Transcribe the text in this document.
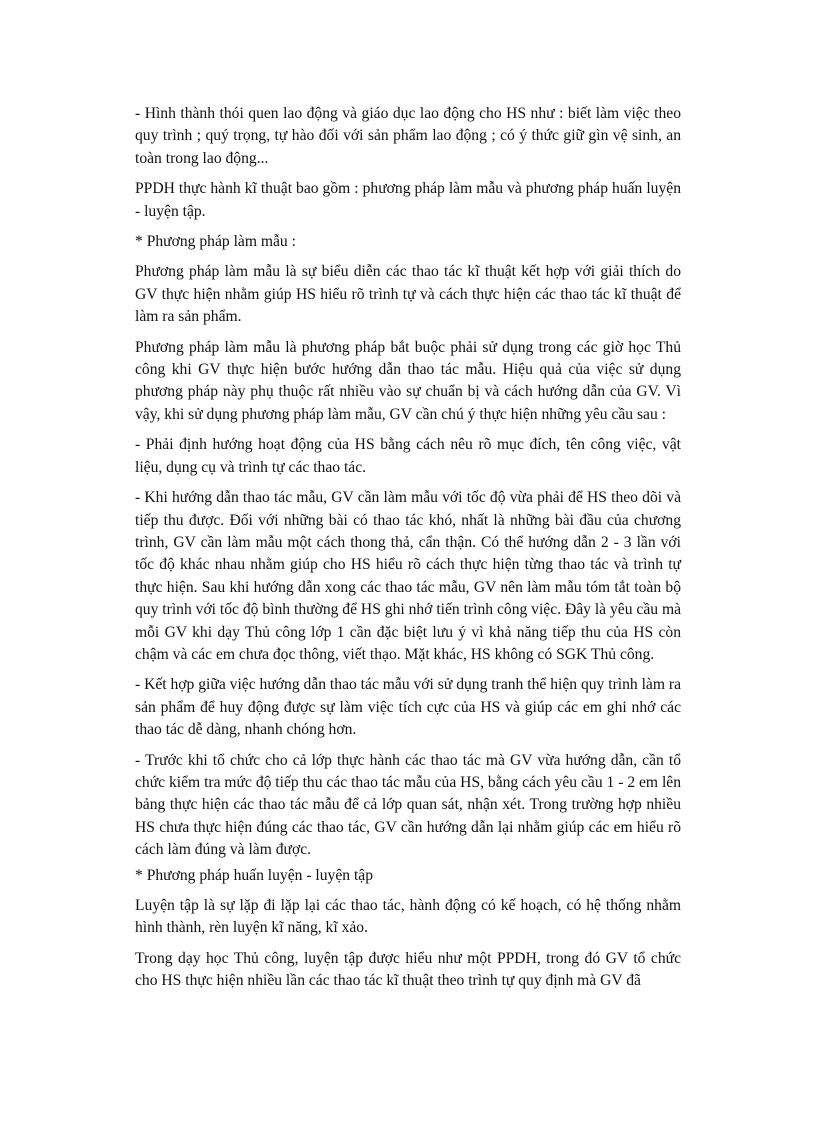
- Hình thành thói quen lao động và giáo dục lao động cho HS như : biết làm việc theo quy trình ; quý trọng, tự hào đối với sản phẩm lao động ; có ý thức giữ gìn vệ sinh, an toàn trong lao động...

PPDH thực hành kĩ thuật bao gồm : phương pháp làm mẫu và phương pháp huấn luyện - luyện tập.

* Phương pháp làm mẫu :

Phương pháp làm mẫu là sự biểu diễn các thao tác kĩ thuật kết hợp với giải thích do GV thực hiện nhằm giúp HS hiểu rõ trình tự và cách thực hiện các thao tác kĩ thuật để làm ra sản phẩm.

Phương pháp làm mẫu là phương pháp bắt buộc phải sử dụng trong các giờ học Thủ công khi GV thực hiện bước hướng dẫn thao tác mẫu. Hiệu quả của việc sử dụng phương pháp này phụ thuộc rất nhiều vào sự chuẩn bị và cách hướng dẫn của GV. Vì vậy, khi sử dụng phương pháp làm mẫu, GV cần chú ý thực hiện những yêu cầu sau :

- Phải định hướng hoạt động của HS bằng cách nêu rõ mục đích, tên công việc, vật liệu, dụng cụ và trình tự các thao tác.

- Khi hướng dẫn thao tác mẫu, GV cần làm mẫu với tốc độ vừa phải để HS theo dõi và tiếp thu được. Đối với những bài có thao tác khó, nhất là những bài đầu của chương trình, GV cần làm mẫu một cách thong thả, cẩn thận. Có thể hướng dẫn 2 - 3 lần với tốc độ khác nhau nhằm giúp cho HS hiểu rõ cách thực hiện từng thao tác và trình tự thực hiện. Sau khi hướng dẫn xong các thao tác mẫu, GV nên làm mẫu tóm tắt toàn bộ quy trình với tốc độ bình thường để HS ghi nhớ tiến trình công việc. Đây là yêu cầu mà mỗi GV khi dạy Thủ công lớp 1 cần đặc biệt lưu ý vì khả năng tiếp thu của HS còn chậm và các em chưa đọc thông, viết thạo. Mặt khác, HS không có SGK Thủ công.

- Kết hợp giữa việc hướng dẫn thao tác mẫu với sử dụng tranh thể hiện quy trình làm ra sản phẩm để huy động được sự làm việc tích cực của HS và giúp các em ghi nhớ các thao tác dễ dàng, nhanh chóng hơn.

- Trước khi tổ chức cho cả lớp thực hành các thao tác mà GV vừa hướng dẫn, cần tổ chức kiểm tra mức độ tiếp thu các thao tác mẫu của HS, bằng cách yêu cầu 1 - 2 em lên bảng thực hiện các thao tác mẫu để cả lớp quan sát, nhận xét. Trong trường hợp nhiều HS chưa thực hiện đúng các thao tác, GV cần hướng dẫn lại nhằm giúp các em hiểu rõ cách làm đúng và làm được.

* Phương pháp huấn luyện - luyện tập

Luyện tập là sự lặp đi lặp lại các thao tác, hành động có kế hoạch, có hệ thống nhằm hình thành, rèn luyện kĩ năng, kĩ xảo.

Trong dạy học Thủ công, luyện tập được hiểu như một PPDH, trong đó GV tổ chức cho HS thực hiện nhiều lần các thao tác kĩ thuật theo trình tự quy định mà GV đã
